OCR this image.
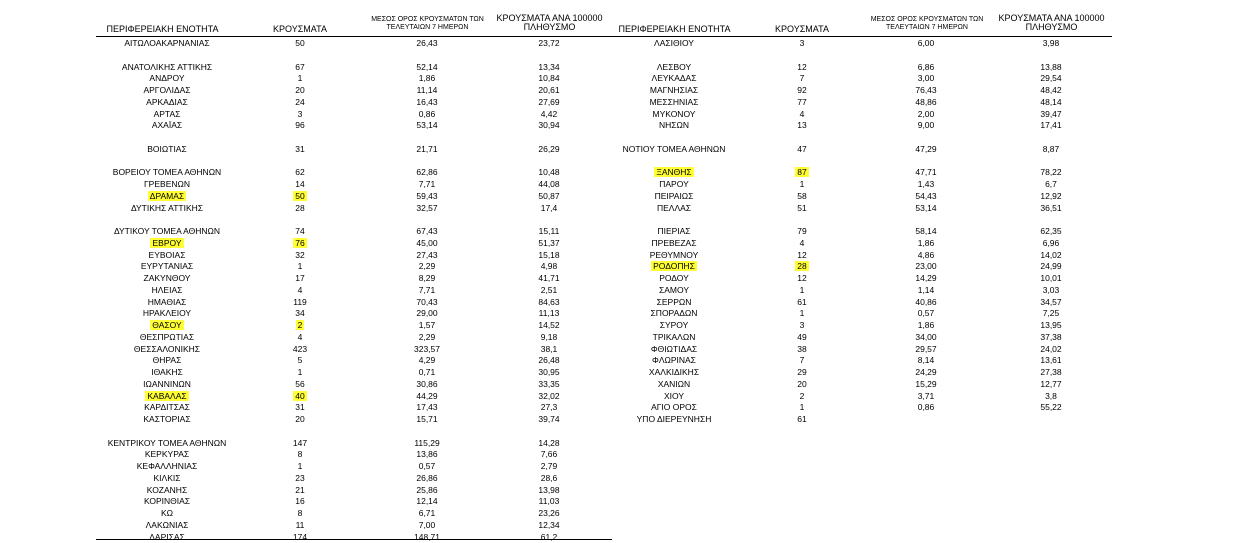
ΠΕΡΙΦΕΡΕΙΑΚΗ ΕΝΟΤΗΤΑ	ΚΡΟΥΣΜΑΤΑ
ΜΕΣΟΣ ΟΡΟΣ ΚΡΟΥΣΜΑΤΩΝ ΤΩΝ ΤΕΛΕΥΤΑΙΩΝ 7 ΗΜΕΡΩΝ
ΚΡΟΥΣΜΑΤΑ ΑΝΑ 100000 ΠΛΗΘΥΣΜΟ	ΠΕΡΙΦΕΡΕΙΑΚΗ ΕΝΟΤΗΤΑ	ΚΡΟΥΣΜΑΤΑ
ΜΕΣΟΣ ΟΡΟΣ ΚΡΟΥΣΜΑΤΩΝ ΤΩΝ ΤΕΛΕΥΤΑΙΩΝ 7 ΗΜΕΡΩΝ
ΚΡΟΥΣΜΑΤΑ ΑΝΑ 100000 ΠΛΗΘΥΣΜΟ
ΑΙΤΩΛΟΑΚΑΡΝΑΝΙΑΣ	50	26,43	23,72
ΑΝΑΤΟΛΙΚΗΣ ΑΤΤΙΚΗΣ	67	52,14	13,34
ΑΝΔΡΟΥ	1	1,86	10,84
ΑΡΓΟΛΙΔΑΣ	20	11,14	20,61
ΑΡΚΑΔΙΑΣ	24	16,43	27,69
ΑΡΤΑΣ	3	0,86	4,42
ΑΧΑΪΑΣ	96	53,14	30,94
ΒΟΙΩΤΙΑΣ	31	21,71	26,29
ΒΟΡΕΙΟΥ ΤΟΜΕΑ ΑΘΗΝΩΝ	62	62,86	10,48
ΓΡΕΒΕΝΩΝ	14	7,71	44,08
ΔΡΑΜΑΣ	50	59,43	50,87
ΔΥΤΙΚΗΣ ΑΤΤΙΚΗΣ	28	32,57	17,4
ΔΥΤΙΚΟΥ ΤΟΜΕΑ ΑΘΗΝΩΝ	74	67,43	15,11
ΕΒΡΟΥ	76	45,00	51,37
ΕΥΒΟΙΑΣ	32	27,43	15,18
ΕΥΡΥΤΑΝΙΑΣ	1	2,29	4,98
ΖΑΚΥΝΘΟΥ	17	8,29	41,71
ΗΛΕΙΑΣ	4	7,71	2,51
ΗΜΑΘΙΑΣ	119	70,43	84,63
ΗΡΑΚΛΕΙΟΥ	34	29,00	11,13
ΘΑΣΟΥ	2	1,57	14,52
ΘΕΣΠΡΩΤΙΑΣ	4	2,29	9,18
ΘΕΣΣΑΛΟΝΙΚΗΣ	423	323,57	38,1
ΘΗΡΑΣ	5	4,29	26,48
ΙΘΑΚΗΣ	1	0,71	30,95
ΙΩΑΝΝΙΝΩΝ	56	30,86	33,35
ΚΑΒΑΛΑΣ	40	44,29	32,02
ΚΑΡΔΙΤΣΑΣ	31	17,43	27,3
ΚΑΣΤΟΡΙΑΣ	20	15,71	39,74
ΚΕΝΤΡΙΚΟΥ ΤΟΜΕΑ ΑΘΗΝΩΝ	147	115,29	14,28
ΚΕΡΚΥΡΑΣ	8	13,86	7,66
ΚΕΦΑΛΛΗΝΙΑΣ	1	0,57	2,79
ΚΙΛΚΙΣ	23	26,86	28,6
ΚΟΖΑΝΗΣ	21	25,86	13,98
ΚΟΡΙΝΘΙΑΣ	16	12,14	11,03
ΚΩ	8	6,71	23,26
ΛΑΚΩΝΙΑΣ	11	7,00	12,34
ΛΑΡΙΣΑΣ	174	148,71	61,2
ΛΑΣΙΘΙΟΥ	3	6,00	3,98
ΛΕΣΒΟΥ	12	6,86	13,88
ΛΕΥΚΑΔΑΣ	7	3,00	29,54
ΜΑΓΝΗΣΙΑΣ	92	76,43	48,42
ΜΕΣΣΗΝΙΑΣ	77	48,86	48,14
ΜΥΚΟΝΟΥ	4	2,00	39,47
ΝΗΣΩΝ	13	9,00	17,41
ΝΟΤΙΟΥ ΤΟΜΕΑ ΑΘΗΝΩΝ	47	47,29	8,87
ΞΑΝΘΗΣ	87	47,71	78,22
ΠΑΡΟΥ	1	1,43	6,7
ΠΕΙΡΑΙΩΣ	58	54,43	12,92
ΠΕΛΛΑΣ	51	53,14	36,51
ΠΙΕΡΙΑΣ	79	58,14	62,35
ΠΡΕΒΕΖΑΣ	4	1,86	6,96
ΡΕΘΥΜΝΟΥ	12	4,86	14,02
ΡΟΔΟΠΗΣ	28	23,00	24,99
ΡΟΔΟΥ	12	14,29	10,01
ΣΑΜΟΥ	1	1,14	3,03
ΣΕΡΡΩΝ	61	40,86	34,57
ΣΠΟΡΑΔΩΝ	1	0,57	7,25
ΣΥΡΟΥ	3	1,86	13,95
ΤΡΙΚΑΛΩΝ	49	34,00	37,38
ΦΘΙΩΤΙΔΑΣ	38	29,57	24,02
ΦΛΩΡΙΝΑΣ	7	8,14	13,61
ΧΑΛΚΙΔΙΚΗΣ	29	24,29	27,38
ΧΑΝΙΩΝ	20	15,29	12,77
ΧΙΟΥ	2	3,71	3,8
ΑΓΙΟ ΟΡΟΣ	1	0,86	55,22
ΥΠΟ ΔΙΕΡΕΥΝΗΣΗ	61
